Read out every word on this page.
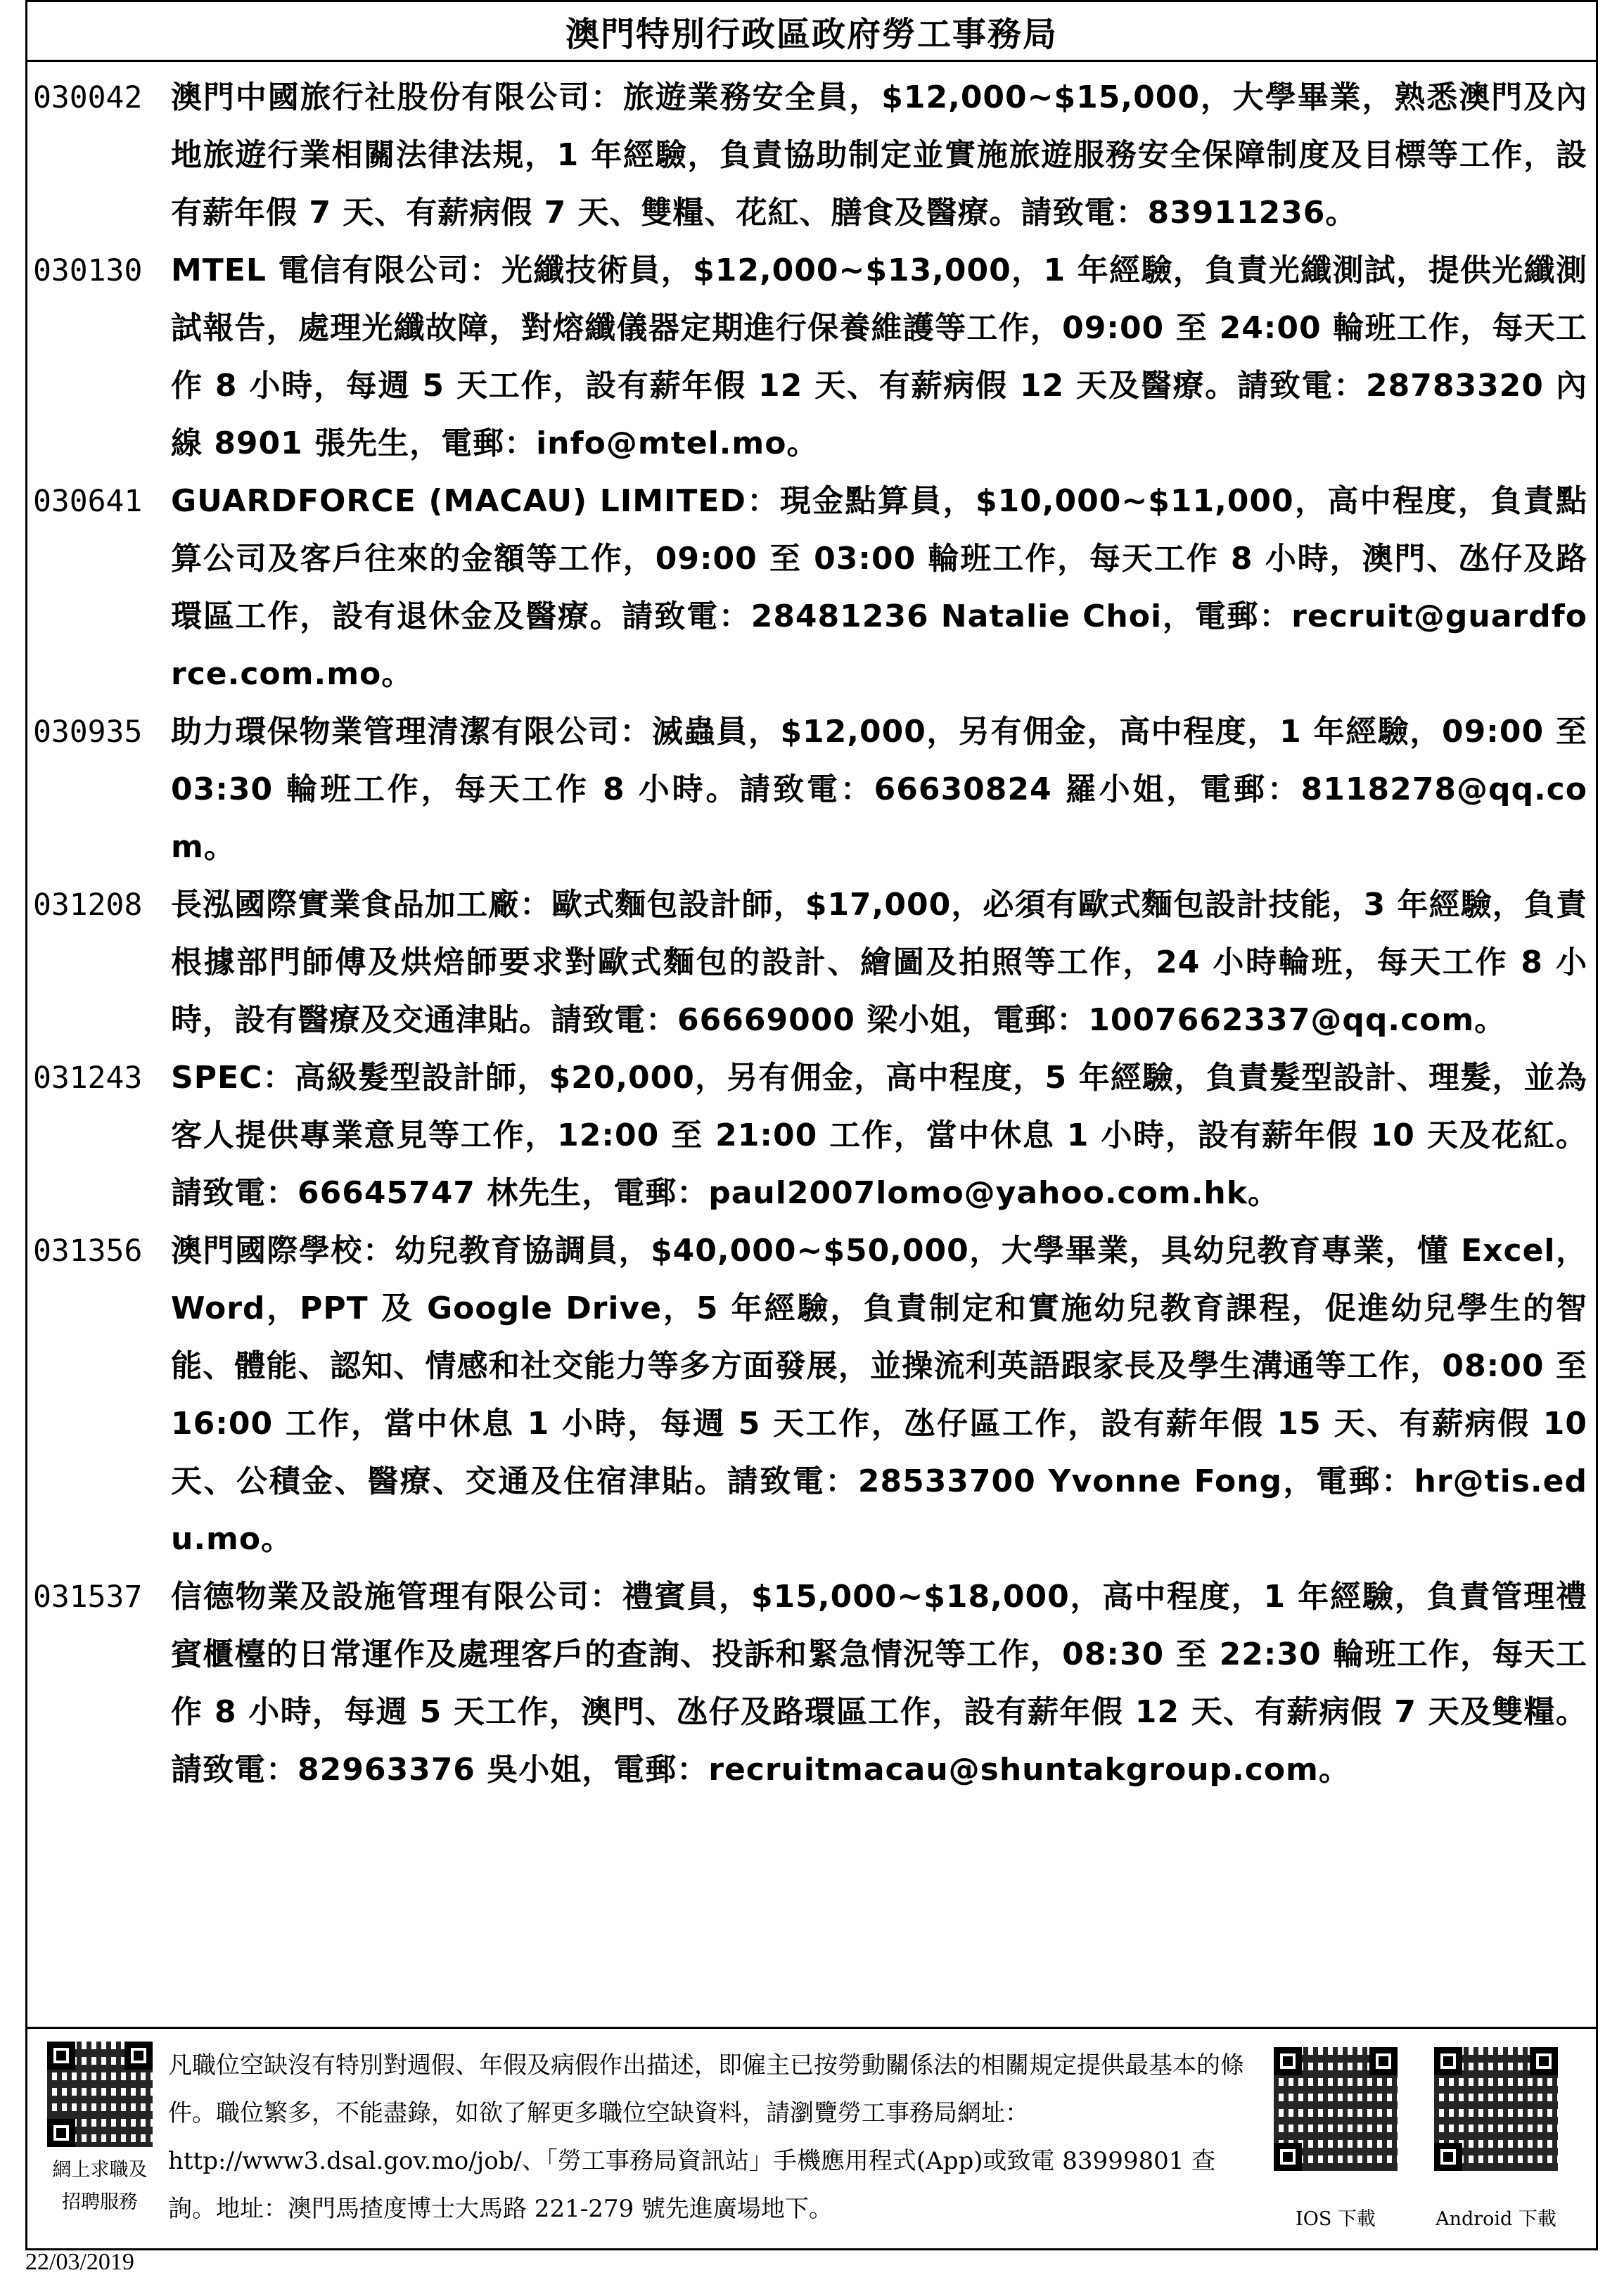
澳門特別行政區政府勞工事務局
030042 澳門中國旅行社股份有限公司：旅遊業務安全員，$12,000~$15,000，大學畢業，熟悉澳門及內地旅遊行業相關法律法規，1 年經驗，負責協助制定並實施旅遊服務安全保障制度及目標等工作，設有薪年假 7 天、有薪病假 7 天、雙糧、花紅、膳食及醫療。請致電：83911236。
030130 MTEL 電信有限公司：光纖技術員，$12,000~$13,000，1 年經驗，負責光纖測試，提供光纖測試報告，處理光纖故障，對熔纖儀器定期進行保養維護等工作，09:00 至 24:00 輪班工作，每天工作 8 小時，每週 5 天工作，設有薪年假 12 天、有薪病假 12 天及醫療。請致電：28783320 內線 8901 張先生，電郵：info@mtel.mo。
030641 GUARDFORCE (MACAU) LIMITED：現金點算員，$10,000~$11,000，高中程度，負責點算公司及客戶往來的金額等工作，09:00 至 03:00 輪班工作，每天工作 8 小時，澳門、氹仔及路環區工作，設有退休金及醫療。請致電：28481236 Natalie Choi，電郵：recruit@guardforce.com.mo。
030935 助力環保物業管理清潔有限公司：滅蟲員，$12,000，另有佣金，高中程度，1 年經驗，09:00 至 03:30 輪班工作，每天工作 8 小時。請致電：66630824 羅小姐，電郵：8118278@qq.com。
031208 長泓國際實業食品加工廠：歐式麵包設計師，$17,000，必須有歐式麵包設計技能，3 年經驗，負責根據部門師傅及烘焙師要求對歐式麵包的設計、繪圖及拍照等工作，24 小時輪班，每天工作 8 小時，設有醫療及交通津貼。請致電：66669000 梁小姐，電郵：1007662337@qq.com。
031243 SPEC：高級髮型設計師，$20,000，另有佣金，高中程度，5 年經驗，負責髮型設計、理髮，並為客人提供專業意見等工作，12:00 至 21:00 工作，當中休息 1 小時，設有薪年假 10 天及花紅。請致電：66645747 林先生，電郵：paul2007lomo@yahoo.com.hk。
031356 澳門國際學校：幼兒教育協調員，$40,000~$50,000，大學畢業，具幼兒教育專業，懂 Excel，Word，PPT 及 Google Drive，5 年經驗，負責制定和實施幼兒教育課程，促進幼兒學生的智能、體能、認知、情感和社交能力等多方面發展，並操流利英語跟家長及學生溝通等工作，08:00 至 16:00 工作，當中休息 1 小時，每週 5 天工作，氹仔區工作，設有薪年假 15 天、有薪病假 10 天、公積金、醫療、交通及住宿津貼。請致電：28533700 Yvonne Fong，電郵：hr@tis.edu.mo。
031537 信德物業及設施管理有限公司：禮賓員，$15,000~$18,000，高中程度，1 年經驗，負責管理禮賓櫃檯的日常運作及處理客戶的查詢、投訴和緊急情況等工作，08:30 至 22:30 輪班工作，每天工作 8 小時，每週 5 天工作，澳門、氹仔及路環區工作，設有薪年假 12 天、有薪病假 7 天及雙糧。請致電：82963376 吳小姐，電郵：recruitmacau@shuntakgroup.com。
網上求職及
招聘服務
凡職位空缺沒有特別對週假、年假及病假作出描述，即僱主已按勞動關係法的相關規定提供最基本的條件。職位繁多，不能盡錄，如欲了解更多職位空缺資料，請瀏覽勞工事務局網址：http://www3.dsal.gov.mo/job/、「勞工事務局資訊站」手機應用程式(App)或致電 83999801 查詢。地址：澳門馬揸度博士大馬路 221-279 號先進廣場地下。	IOS 下載	Android 下載
22/03/2019
